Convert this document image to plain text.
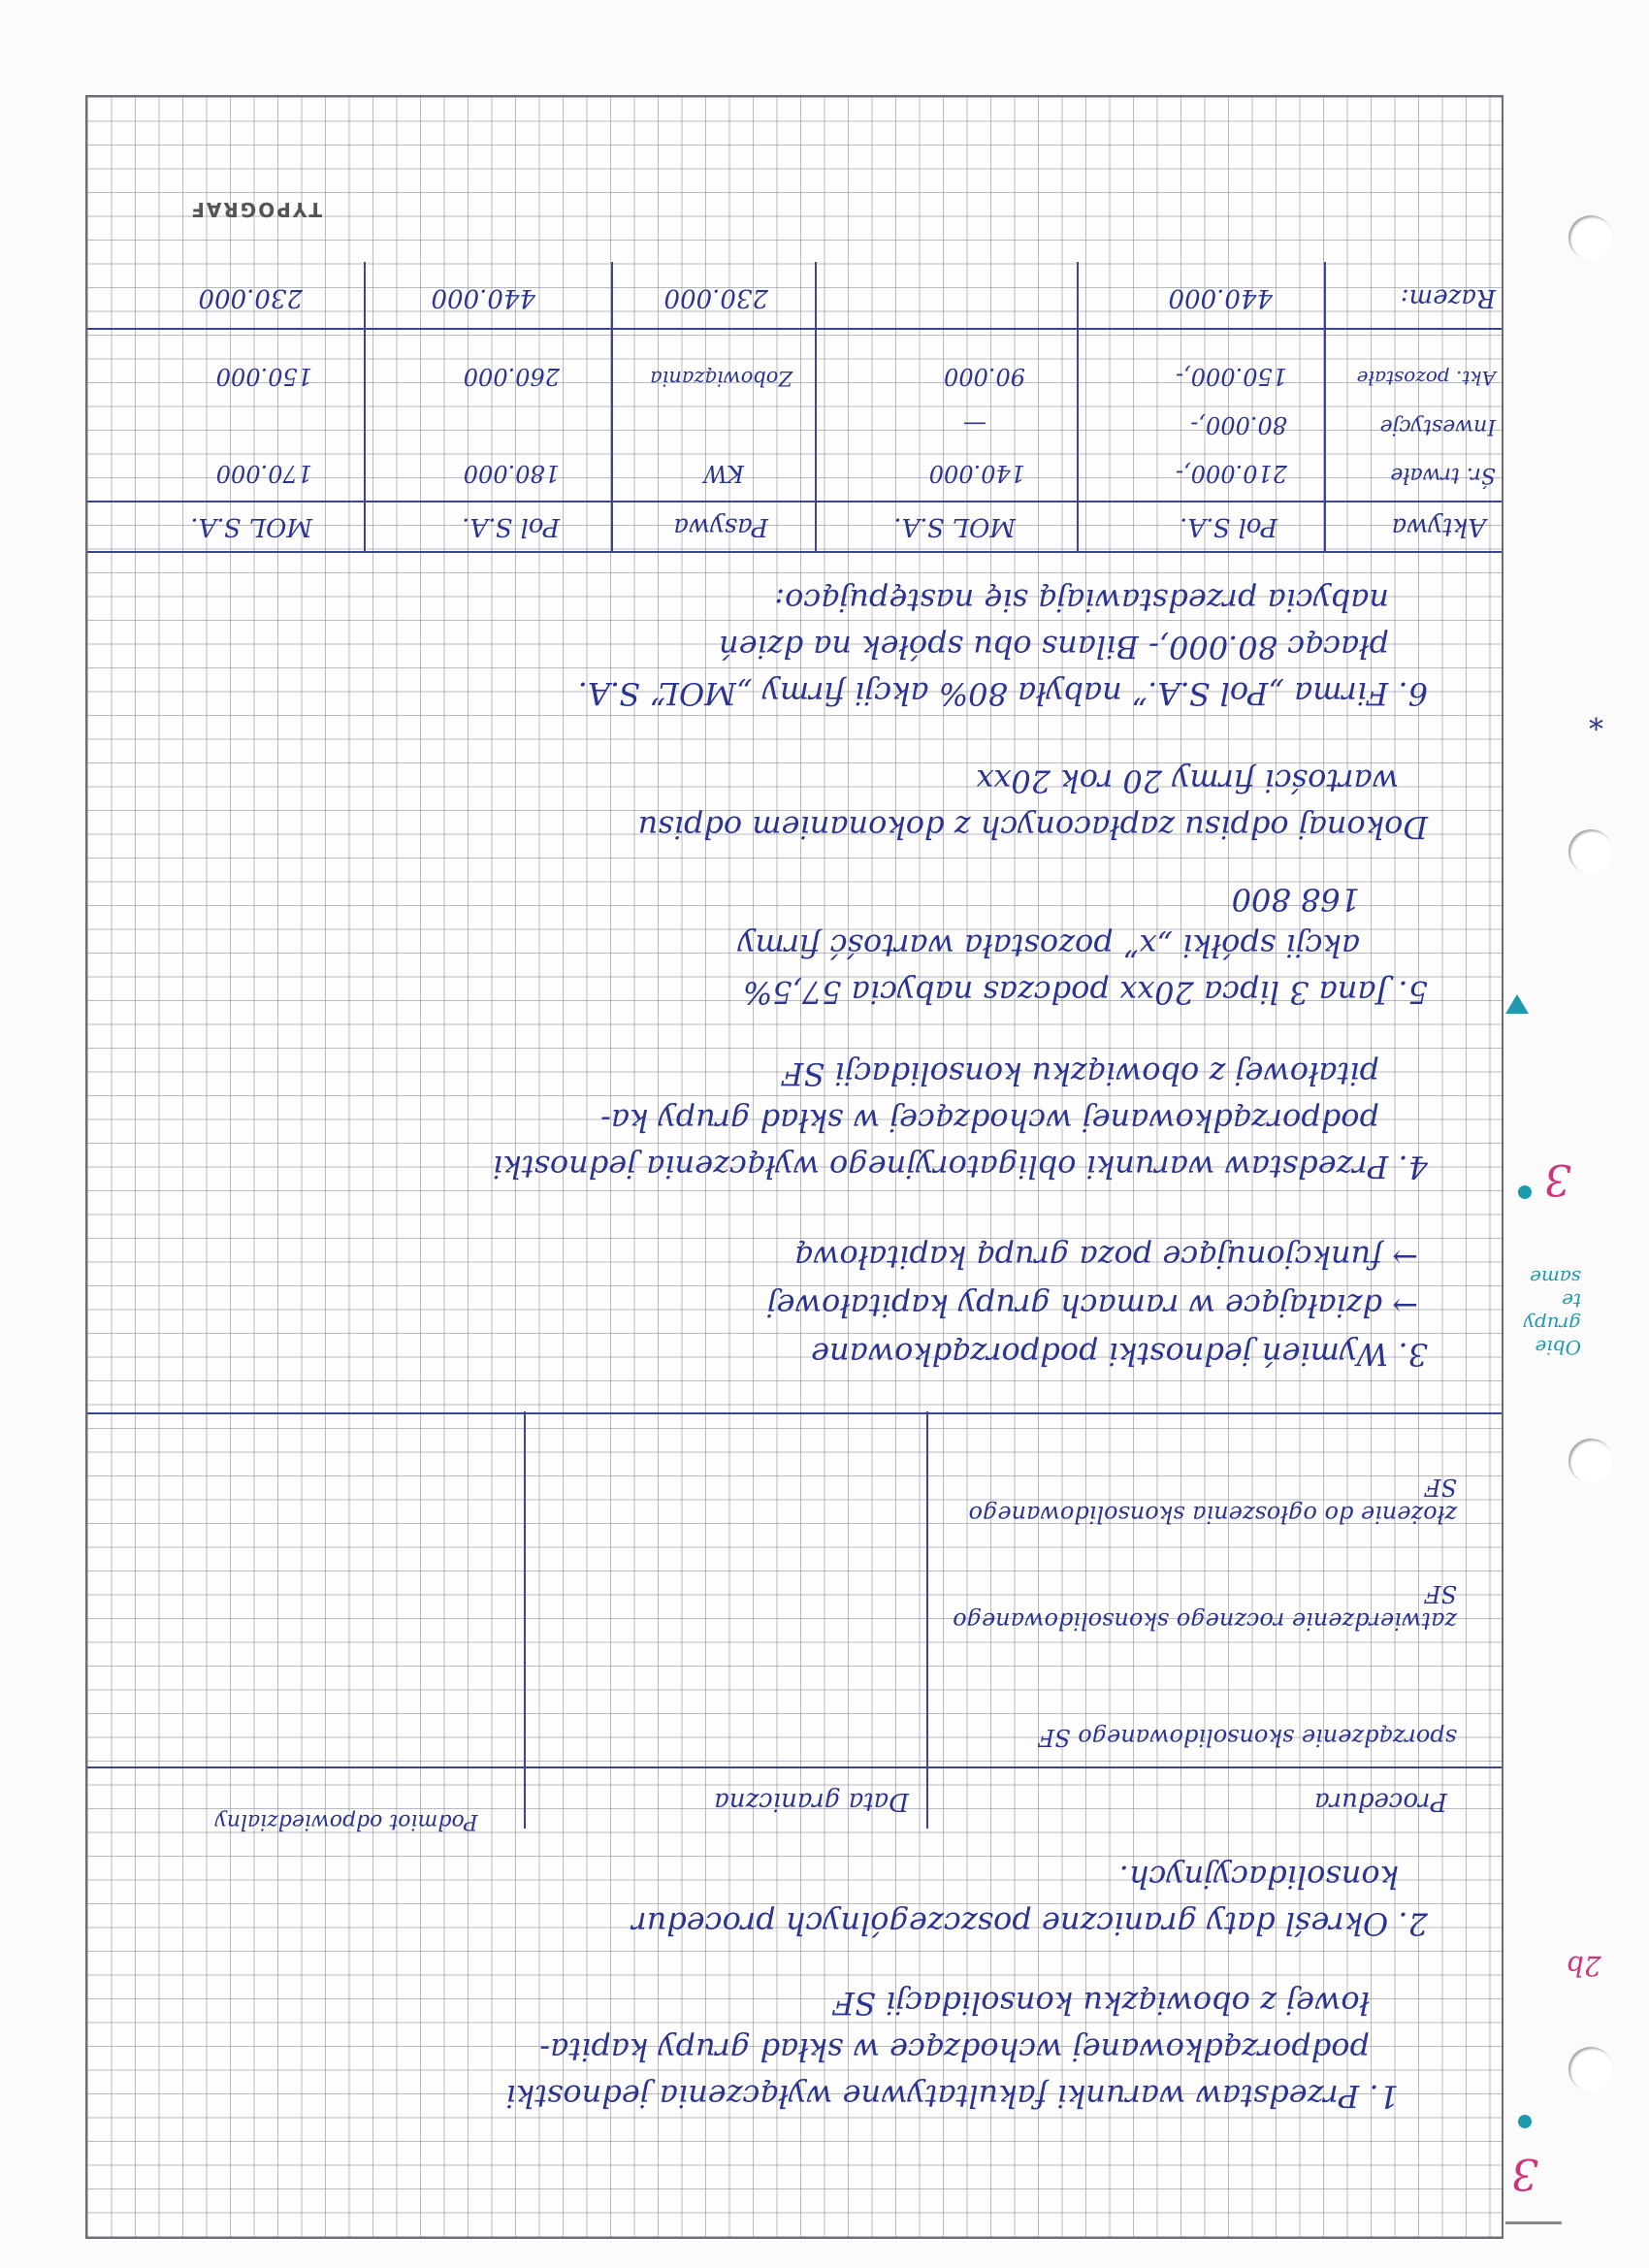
1. Przedstaw warunki fakultatywne wyłączenia jednostki
podporządkowanej wchodzące w skład grupy kapita-
łowej z obowiązku konsolidacji SF
2. Określ daty graniczne poszczególnych procedur
konsolidacyjnych.
Procedura
Data graniczna
Podmiot odpowiedzialny
sporządzenie skonsolidowanego SF
zatwierdzenie rocznego skonsolidowanego SF
złożenie do ogłoszenia skonsolidowanego SF
3. Wymień jednostki podporządkowane
→ działające w ramach grupy kapitałowej
→ funkcjonujące poza grupą kapitałową
4. Przedstaw warunki obligatoryjnego wyłączenia jednostki
podporządkowanej wchodzącej w skład grupy ka-
pitałowej z obowiązku konsolidacji SF
5. Jana 3 lipca 20xx podczas nabycia 57,5%
akcji spółki „x” pozostała wartość firmy
168 800
Dokonaj odpisu zapłaconych z dokonaniem odpisu
wartości firmy 20 rok 20xx
6. Firma „Pol S.A.” nabyła 80% akcji firmy „MOL” S.A.
płacąc 80.000,- Bilans obu spółek na dzień
nabycia przedstawiają się następująco:
Aktywa
Pol S.A.
MOL S.A.
Pasywa
Pol S.A.
MOL S.A.
Śr. trwałe
210.000,-
140.000
KW
180.000
170.000
Inwestycje
80.000,-
—
Akt. pozostałe
150.000,-
90.000
Zobowiązania
260.000
150.000
Razem:
440.000
230.000
440.000
230.000
TYPOGRAF
*
3
Obie grupy te same
2b
3
